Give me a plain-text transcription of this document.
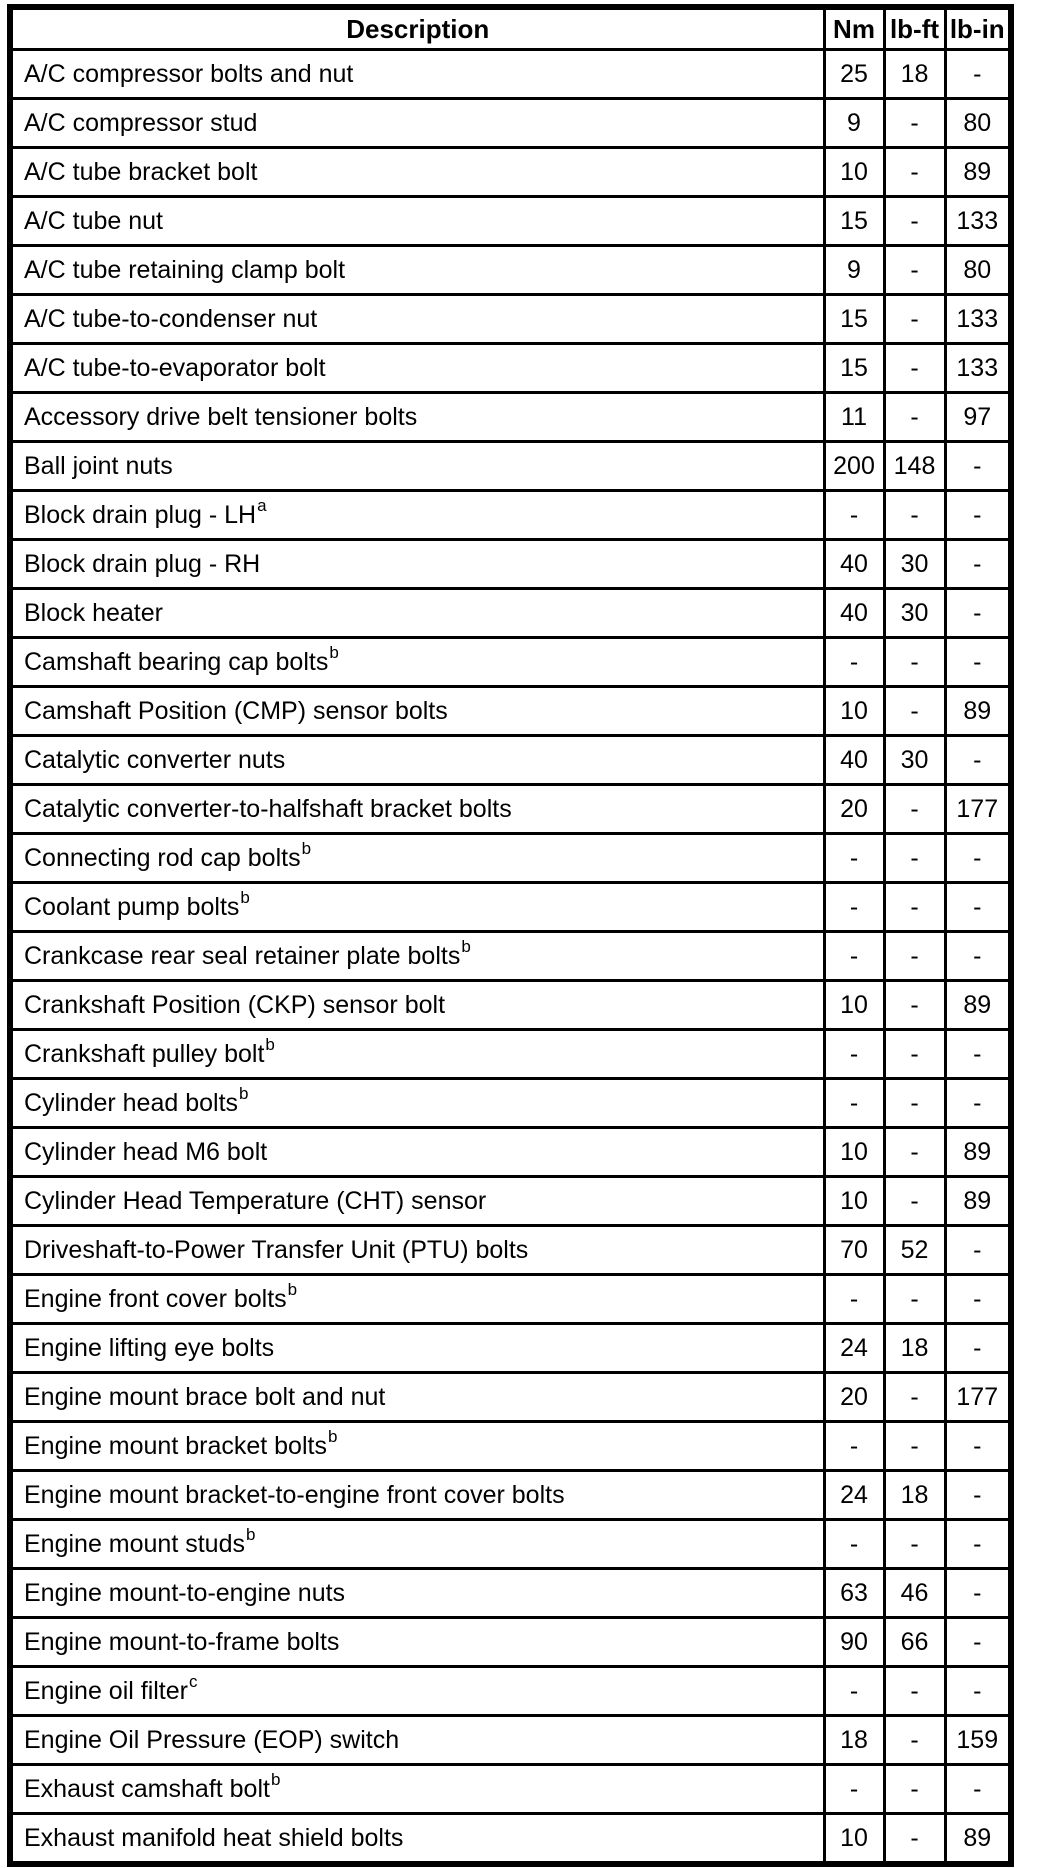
Description	Nm	lb-ft	lb-in
A/C compressor bolts and nut	25	18	-
A/C compressor stud	9	-	80
A/C tube bracket bolt	10	-	89
A/C tube nut	15	-	133
A/C tube retaining clamp bolt	9	-	80
A/C tube-to-condenser nut	15	-	133
A/C tube-to-evaporator bolt	15	-	133
Accessory drive belt tensioner bolts	11	-	97
Ball joint nuts	200	148	-
Block drain plug - LH$^a$	-	-	-
Block drain plug - RH	40	30	-
Block heater	40	30	-
Camshaft bearing cap bolts$^b$	-	-	-
Camshaft Position (CMP) sensor bolts	10	-	89
Catalytic converter nuts	40	30	-
Catalytic converter-to-halfshaft bracket bolts	20	-	177
Connecting rod cap bolts$^b$	-	-	-
Coolant pump bolts$^b$	-	-	-
Crankcase rear seal retainer plate bolts$^b$	-	-	-
Crankshaft Position (CKP) sensor bolt	10	-	89
Crankshaft pulley bolt$^b$	-	-	-
Cylinder head bolts$^b$	-	-	-
Cylinder head M6 bolt	10	-	89
Cylinder Head Temperature (CHT) sensor	10	-	89
Driveshaft-to-Power Transfer Unit (PTU) bolts	70	52	-
Engine front cover bolts$^b$	-	-	-
Engine lifting eye bolts	24	18	-
Engine mount brace bolt and nut	20	-	177
Engine mount bracket bolts$^b$	-	-	-
Engine mount bracket-to-engine front cover bolts	24	18	-
Engine mount studs$^b$	-	-	-
Engine mount-to-engine nuts	63	46	-
Engine mount-to-frame bolts	90	66	-
Engine oil filter$^c$	-	-	-
Engine Oil Pressure (EOP) switch	18	-	159
Exhaust camshaft bolt$^b$	-	-	-
Exhaust manifold heat shield bolts	10	-	89
